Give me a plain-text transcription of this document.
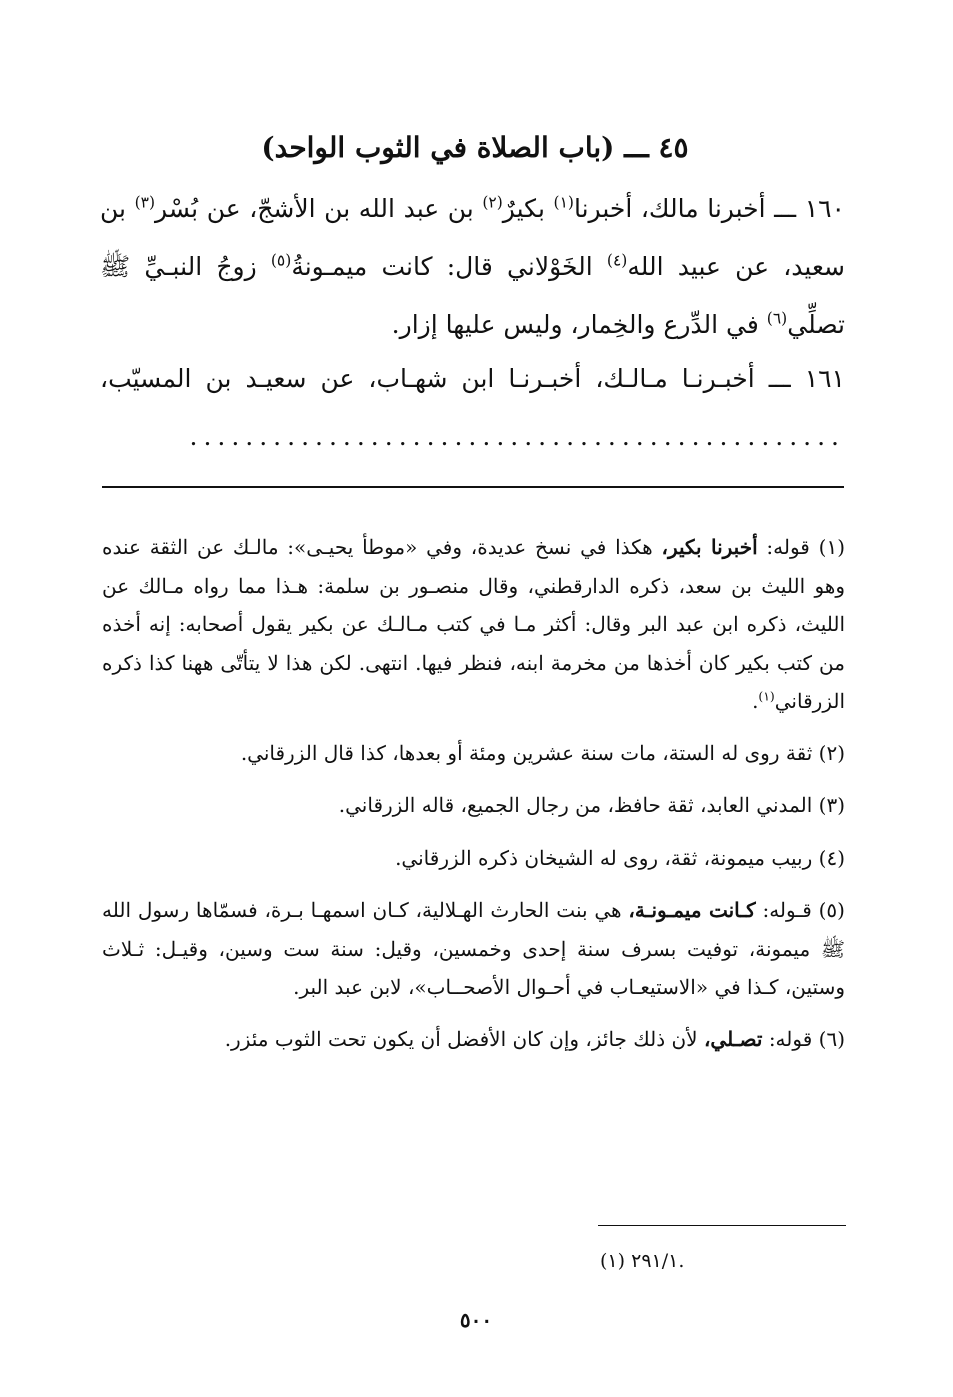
٤٥ ـــ (باب الصلاة في الثوب الواحد)

١٦٠ ـــ أخبرنا مالك، أخبرنا$^{(١)}$ بكيرٌ$^{(٢)}$ بن عبد الله بن الأشجّ، عن بُسْر$^{(٣)}$ بن سعيد، عن عبيد الله$^{(٤)}$ الخَوْلاني قال: كانت ميمـونةُ$^{(٥)}$ زوجُ النبـيِّ ﷺ تصلِّي$^{(٦)}$ في الدِّرع والخِمار، وليس عليها إزار.

١٦١ ـــ أخبـرنـا مـالـك، أخبـرنـا ابن شهـاب، عن سعيـد بن المسيّب، ...............................................

(١) قوله: أخبرنا بكير، هكذا في نسخ عديدة، وفي «موطأ يحيـى»: مالـك عن الثقة عنده وهو الليث بن سعد، ذكره الدارقطني، وقال منصـور بن سلمة: هـذا مما رواه مـالك عن الليث، ذكره ابن عبد البر وقال: أكثر مـا في كتب مـالـك عن بكير يقول أصحابه: إنه أخذه من كتب بكير كان أخذها من مخرمة ابنه، فنظر فيها. انتهى. لكن هذا لا يتأتّى ههنا كذا ذكره الزرقاني$^{(١)}$.

(٢) ثقة روى له الستة، مات سنة عشرين ومئة أو بعدها، كذا قال الزرقاني.

(٣) المدني العابد، ثقة حافظ، من رجال الجميع، قاله الزرقاني.

(٤) ربيب ميمونة، ثقة، روى له الشيخان ذكره الزرقاني.

(٥) قـوله: كـانت ميمـونـة، هي بنت الحارث الهـلالية، كـان اسمهـا بـرة، فسمّاها رسول الله ﷺ ميمونة، توفيت بسرف سنة إحدى وخمسين، وقيل: سنة ست وسين، وقيـل: ثـلاث وستين، كـذا في «الاستيعـاب في أحـوال الأصحــاب»، لابن عبد البر.

(٦) قوله: تصـلي، لأن ذلك جائز، وإن كان الأفضل أن يكون تحت الثوب مئزر.

(١) ٢٩١/١.
٥٠٠
